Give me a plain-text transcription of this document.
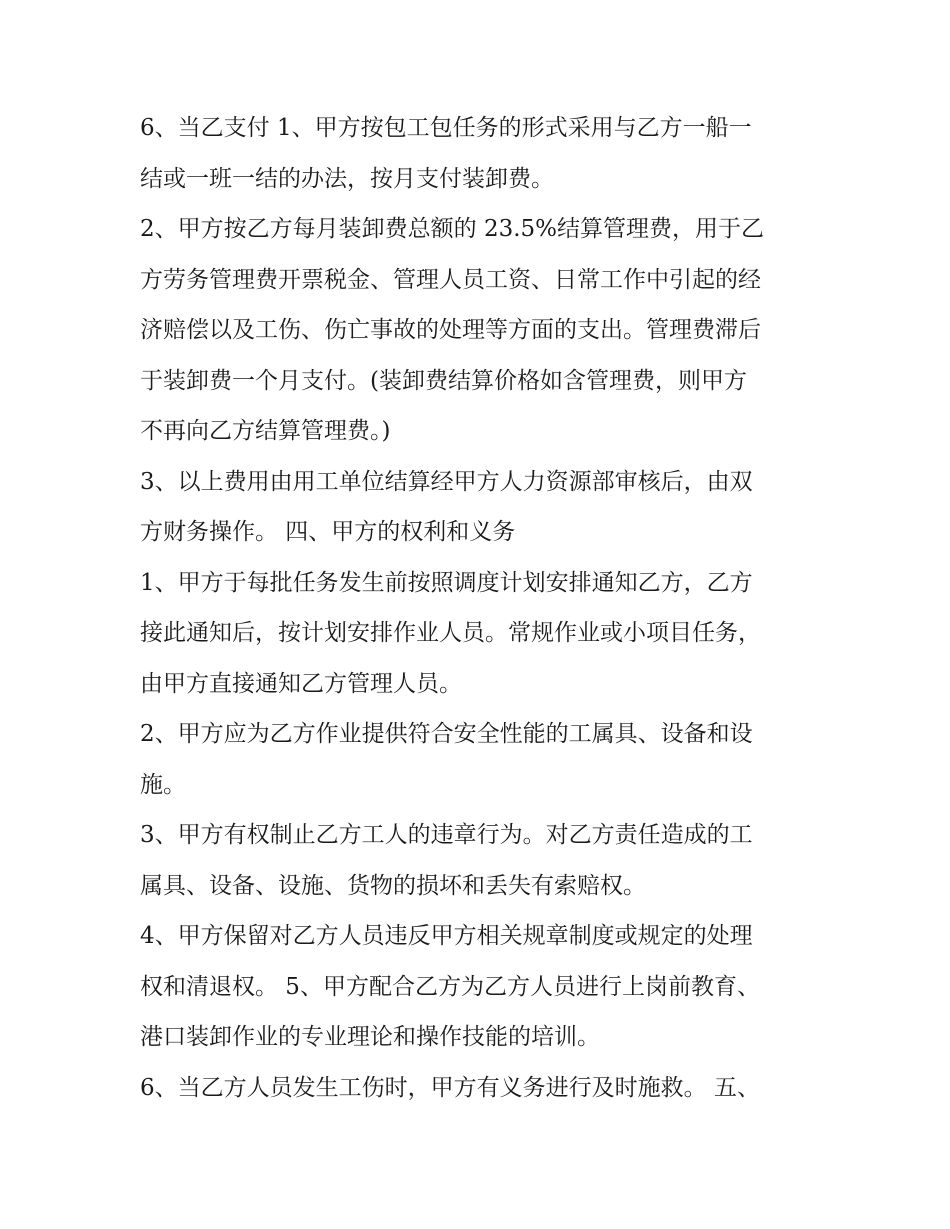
6、当乙支付 1、甲方按包工包任务的形式采用与乙方一船一
结或一班一结的办法，按月支付装卸费。

2、甲方按乙方每月装卸费总额的 23.5%结算管理费，用于乙
方劳务管理费开票税金、管理人员工资、日常工作中引起的经
济赔偿以及工伤、伤亡事故的处理等方面的支出。管理费滞后
于装卸费一个月支付。(装卸费结算价格如含管理费，则甲方
不再向乙方结算管理费。)

3、以上费用由用工单位结算经甲方人力资源部审核后，由双
方财务操作。 四、甲方的权利和义务

1、甲方于每批任务发生前按照调度计划安排通知乙方，乙方
接此通知后，按计划安排作业人员。常规作业或小项目任务，
由甲方直接通知乙方管理人员。

2、甲方应为乙方作业提供符合安全性能的工属具、设备和设
施。

3、甲方有权制止乙方工人的违章行为。对乙方责任造成的工
属具、设备、设施、货物的损坏和丢失有索赔权。

4、甲方保留对乙方人员违反甲方相关规章制度或规定的处理
权和清退权。 5、甲方配合乙方为乙方人员进行上岗前教育、
港口装卸作业的专业理论和操作技能的培训。

6、当乙方人员发生工伤时，甲方有义务进行及时施救。 五、
